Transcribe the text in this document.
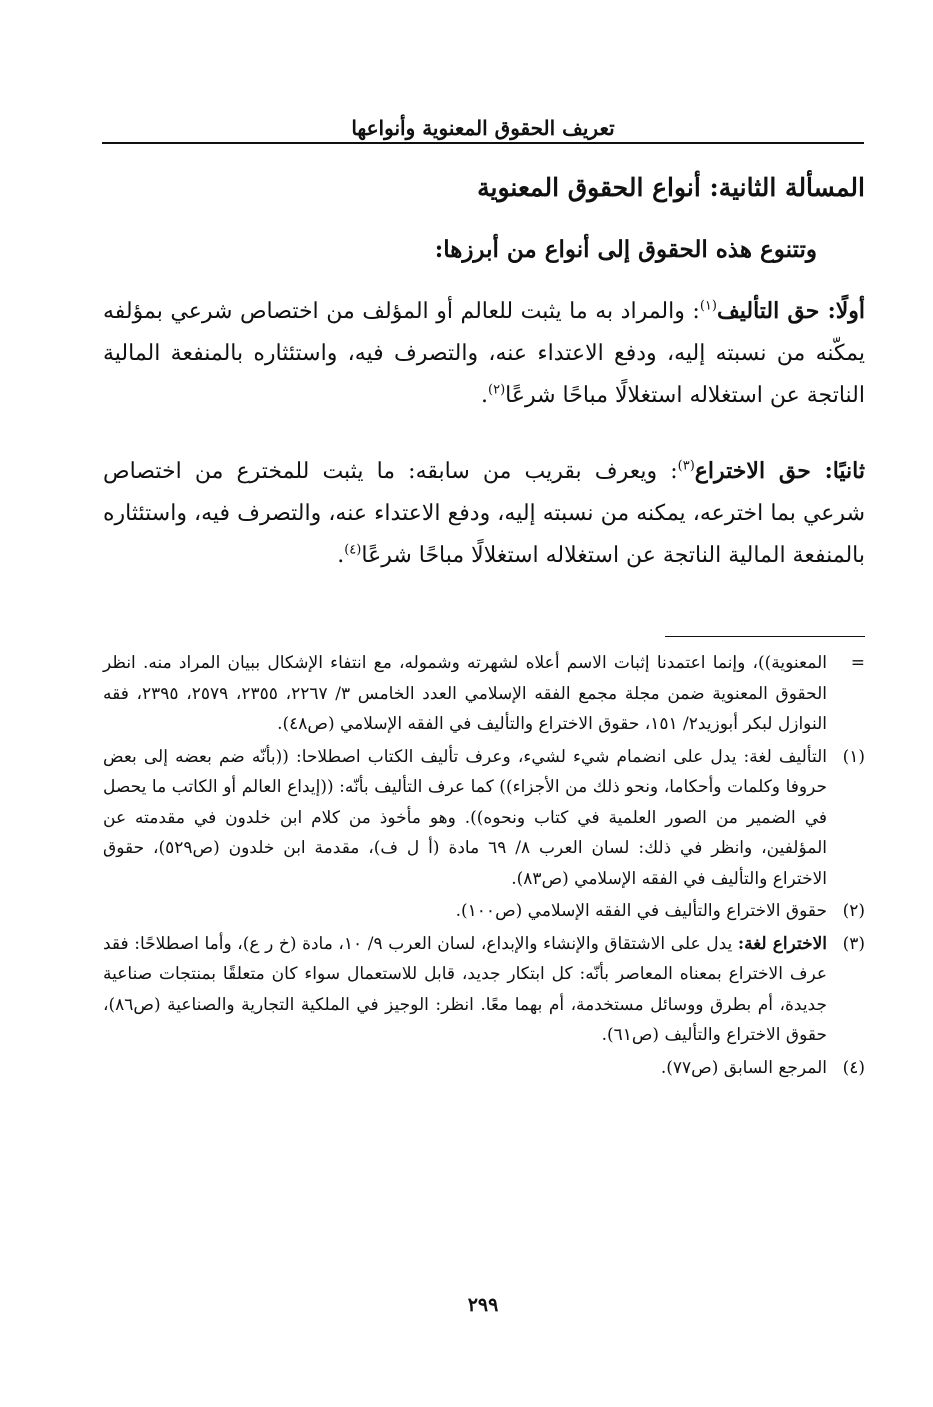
تعريف الحقوق المعنوية وأنواعها
المسألة الثانية: أنواع الحقوق المعنوية
وتتنوع هذه الحقوق إلى أنواع من أبرزها:
أولًا: حق التأليف$^{(١)}$: والمراد به ما يثبت للعالم أو المؤلف من اختصاص شرعي بمؤلفه يمكّنه من نسبته إليه، ودفع الاعتداء عنه، والتصرف فيه، واستئثاره بالمنفعة المالية الناتجة عن استغلاله استغلالًا مباحًا شرعًا$^{(٢)}$.
ثانيًا: حق الاختراع$^{(٣)}$: ويعرف بقريب من سابقه: ما يثبت للمخترع من اختصاص شرعي بما اخترعه، يمكنه من نسبته إليه، ودفع الاعتداء عنه، والتصرف فيه، واستئثاره بالمنفعة المالية الناتجة عن استغلاله استغلالًا مباحًا شرعًا$^{(٤)}$.
=
المعنوية))، وإنما اعتمدنا إثبات الاسم أعلاه لشهرته وشموله، مع انتفاء الإشكال ببيان المراد منه. انظر الحقوق المعنوية ضمن مجلة مجمع الفقه الإسلامي العدد الخامس ٣/ ٢٢٦٧، ٢٣٥٥، ٢٥٧٩، ٢٣٩٥، فقه النوازل لبكر أبوزيد٢/ ١٥١، حقوق الاختراع والتأليف في الفقه الإسلامي (ص٤٨).
(١)
التأليف لغة: يدل على انضمام شيء لشيء، وعرف تأليف الكتاب اصطلاحا: ((بأنّه ضم بعضه إلى بعض حروفا وكلمات وأحكاما، ونحو ذلك من الأجزاء)) كما عرف التأليف بأنّه: ((إيداع العالم أو الكاتب ما يحصل في الضمير من الصور العلمية في كتاب ونحوه)). وهو مأخوذ من كلام ابن خلدون في مقدمته عن المؤلفين، وانظر في ذلك: لسان العرب ٨/ ٦٩ مادة (أ ل ف)، مقدمة ابن خلدون (ص٥٢٩)، حقوق الاختراع والتأليف في الفقه الإسلامي (ص٨٣).
(٢)
حقوق الاختراع والتأليف في الفقه الإسلامي (ص١٠٠).
(٣)
الاختراع لغة: يدل على الاشتقاق والإنشاء والإبداع، لسان العرب ٩/ ١٠، مادة (خ ر ع)، وأما اصطلاحًا: فقد عرف الاختراع بمعناه المعاصر بأنّه: كل ابتكار جديد، قابل للاستعمال سواء كان متعلقًا بمنتجات صناعية جديدة، أم بطرق ووسائل مستخدمة، أم بهما معًا. انظر: الوجيز في الملكية التجارية والصناعية (ص٨٦)، حقوق الاختراع والتأليف (ص٦١).
(٤)
المرجع السابق (ص٧٧).
٢٩٩
